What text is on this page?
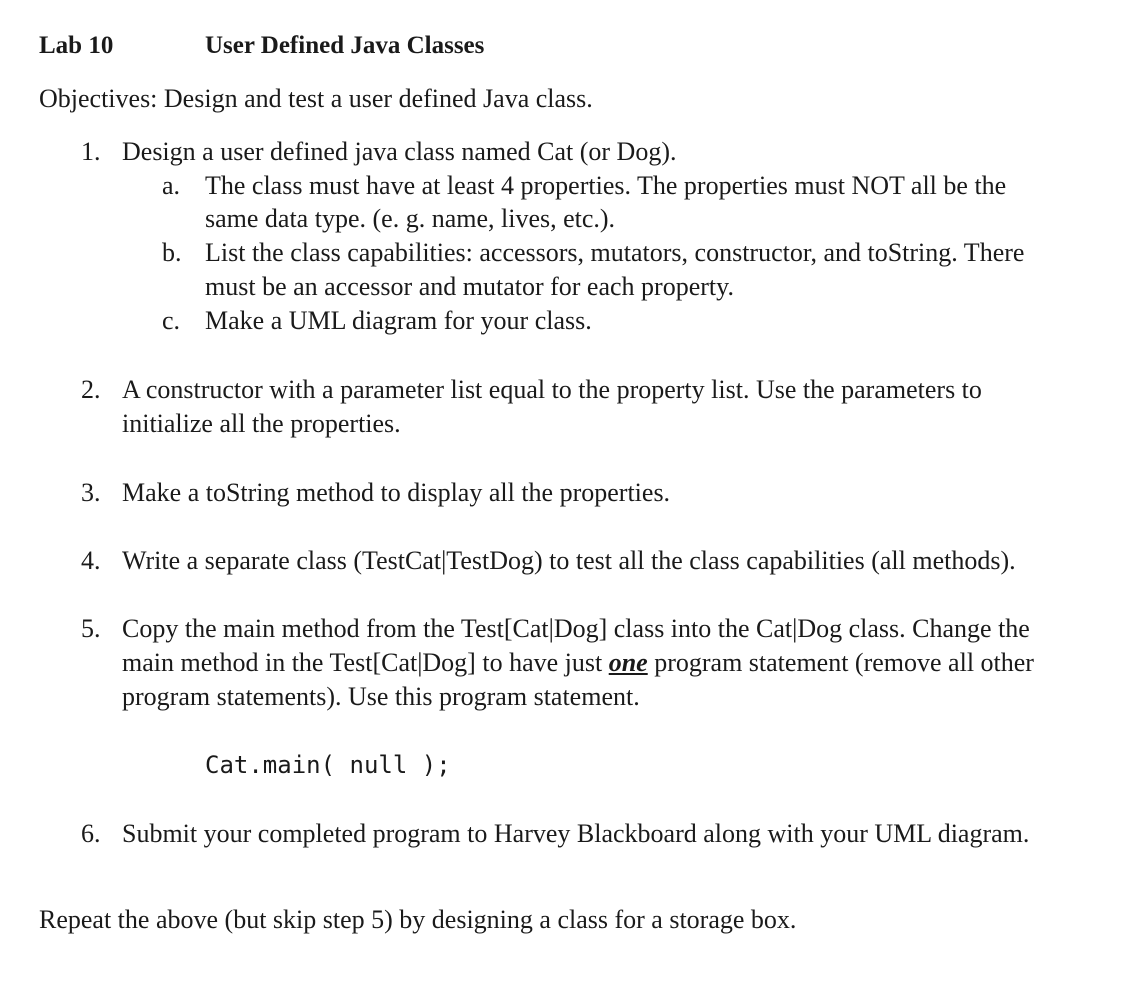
Lab 10	User Defined Java Classes
Objectives: Design and test a user defined Java class.
1. Design a user defined java class named Cat (or Dog).
a. The class must have at least 4 properties. The properties must NOT all be the
same data type. (e. g. name, lives, etc.).
b. List the class capabilities: accessors, mutators, constructor, and toString. There
must be an accessor and mutator for each property.
c. Make a UML diagram for your class.
2. A constructor with a parameter list equal to the property list. Use the parameters to
initialize all the properties.
3. Make a toString method to display all the properties.
4. Write a separate class (TestCat|TestDog) to test all the class capabilities (all methods).
5. Copy the main method from the Test[Cat|Dog] class into the Cat|Dog class. Change the
main method in the Test[Cat|Dog] to have just one program statement (remove all other
program statements). Use this program statement.
Cat.main( null );
6. Submit your completed program to Harvey Blackboard along with your UML diagram.
Repeat the above (but skip step 5) by designing a class for a storage box.
